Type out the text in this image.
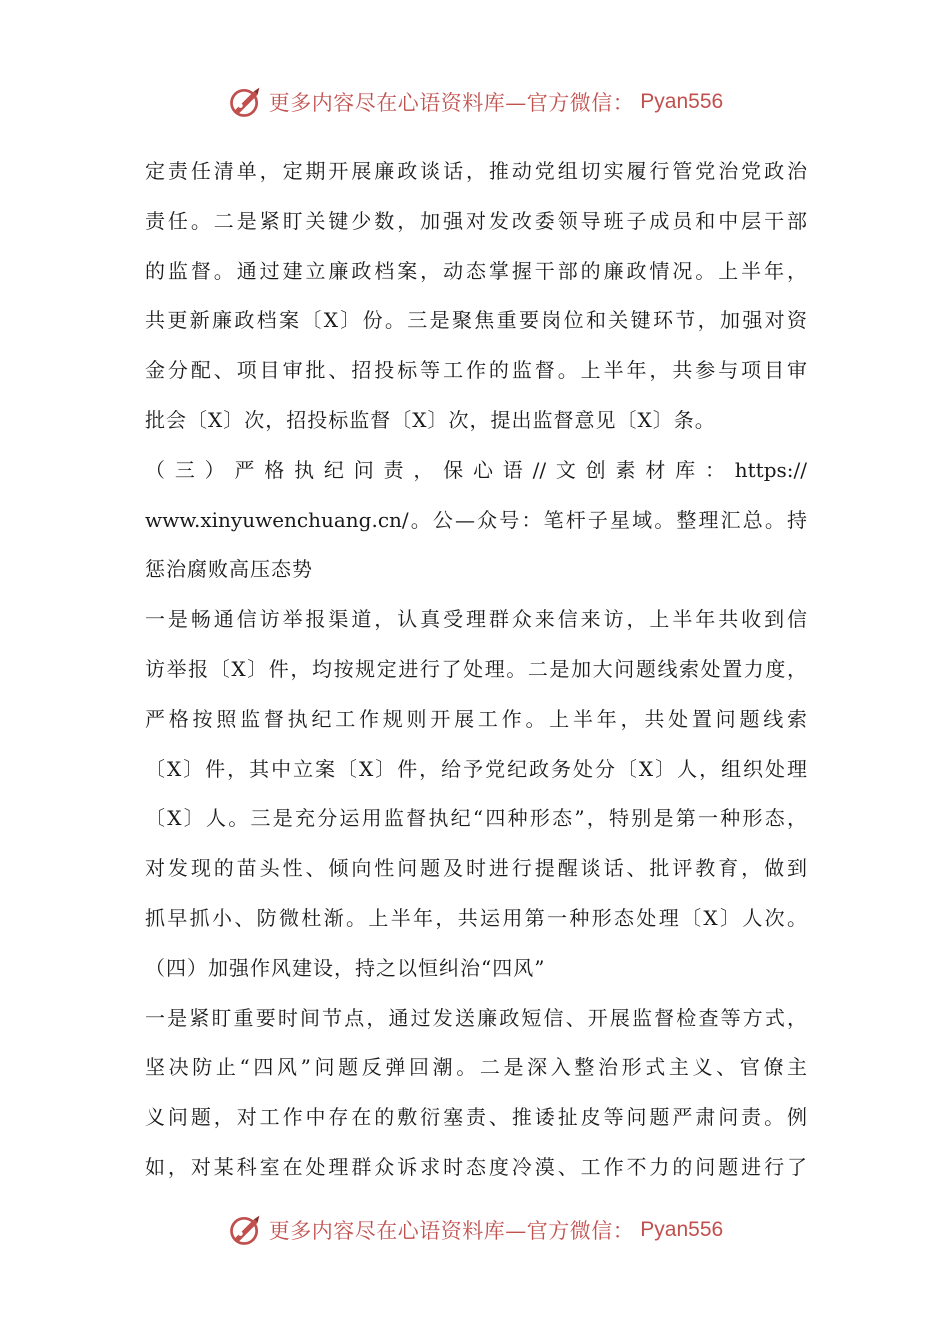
更多内容尽在心语资料库—官方微信： Pyan556
定责任清单，定期开展廉政谈话，推动党组切实履行管党治党政治
责任。二是紧盯关键少数，加强对发改委领导班子成员和中层干部
的监督。通过建立廉政档案，动态掌握干部的廉政情况。上半年，
共更新廉政档案〔X〕份。三是聚焦重要岗位和关键环节，加强对资
金分配、项目审批、招投标等工作的监督。上半年，共参与项目审
批会〔X〕次，招投标监督〔X〕次，提出监督意见〔X〕条。
（三）严格执纪问责，保心语//文创素材库：https://
www.xinyuwenchuang.cn/。公—众号：笔杆子星域。整理汇总。持
惩治腐败高压态势
一是畅通信访举报渠道，认真受理群众来信来访，上半年共收到信
访举报〔X〕件，均按规定进行了处理。二是加大问题线索处置力度，
严格按照监督执纪工作规则开展工作。上半年，共处置问题线索
〔X〕件，其中立案〔X〕件，给予党纪政务处分〔X〕人，组织处理
〔X〕人。三是充分运用监督执纪“四种形态”，特别是第一种形态，
对发现的苗头性、倾向性问题及时进行提醒谈话、批评教育，做到
抓早抓小、防微杜渐。上半年，共运用第一种形态处理〔X〕人次。
（四）加强作风建设，持之以恒纠治“四风”
一是紧盯重要时间节点，通过发送廉政短信、开展监督检查等方式，
坚决防止“四风”问题反弹回潮。二是深入整治形式主义、官僚主
义问题，对工作中存在的敷衍塞责、推诿扯皮等问题严肃问责。例
如，对某科室在处理群众诉求时态度冷漠、工作不力的问题进行了
更多内容尽在心语资料库—官方微信： Pyan556
